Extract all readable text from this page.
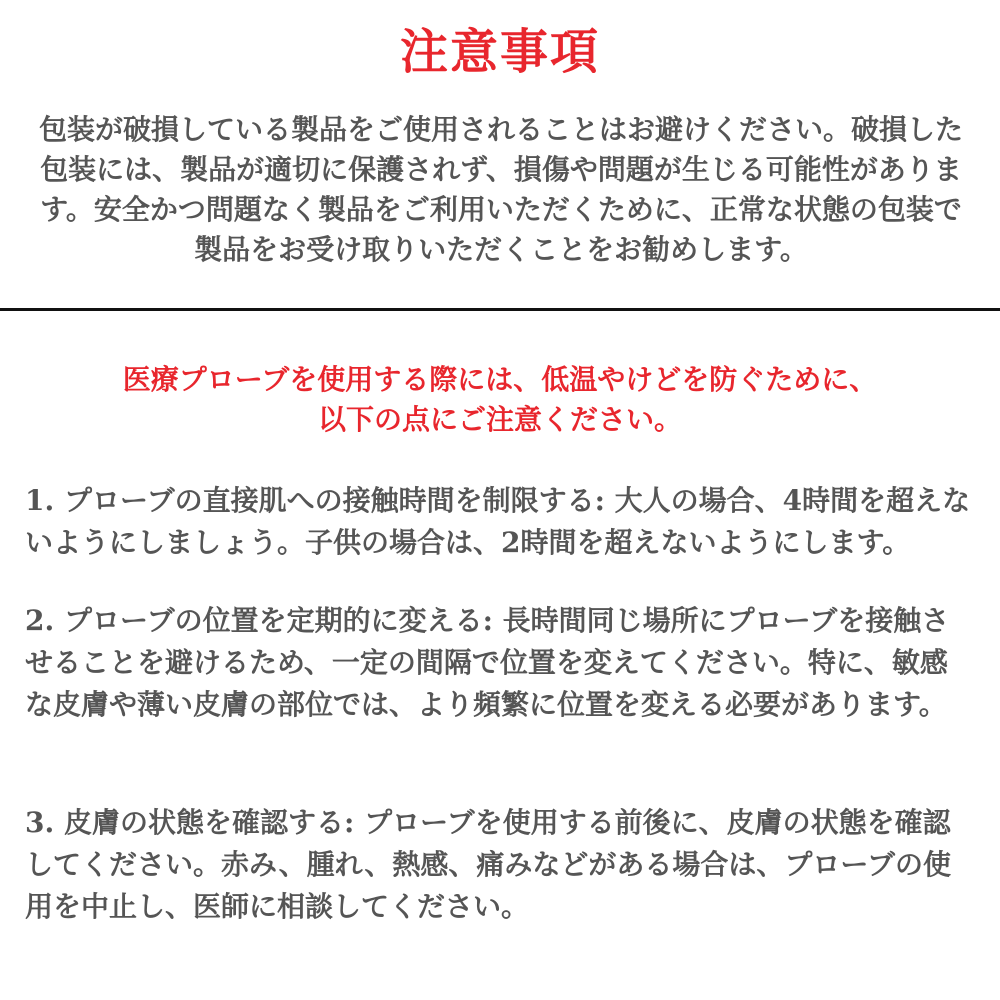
注意事項
包装が破損している製品をご使用されることはお避けください。破損した包装には、製品が適切に保護されず、損傷や問題が生じる可能性があります。安全かつ問題なく製品をご利用いただくために、正常な状態の包装で製品をお受け取りいただくことをお勧めします。
医療プローブを使用する際には、低温やけどを防ぐために、
以下の点にご注意ください。
1. プローブの直接肌への接触時間を制限する: 大人の場合、4時間を超えないようにしましょう。子供の場合は、2時間を超えないようにします。
2. プローブの位置を定期的に変える: 長時間同じ場所にプローブを接触させることを避けるため、一定の間隔で位置を変えてください。特に、敏感な皮膚や薄い皮膚の部位では、より頻繁に位置を変える必要があります。
3. 皮膚の状態を確認する: プローブを使用する前後に、皮膚の状態を確認してください。赤み、腫れ、熱感、痛みなどがある場合は、プローブの使用を中止し、医師に相談してください。
